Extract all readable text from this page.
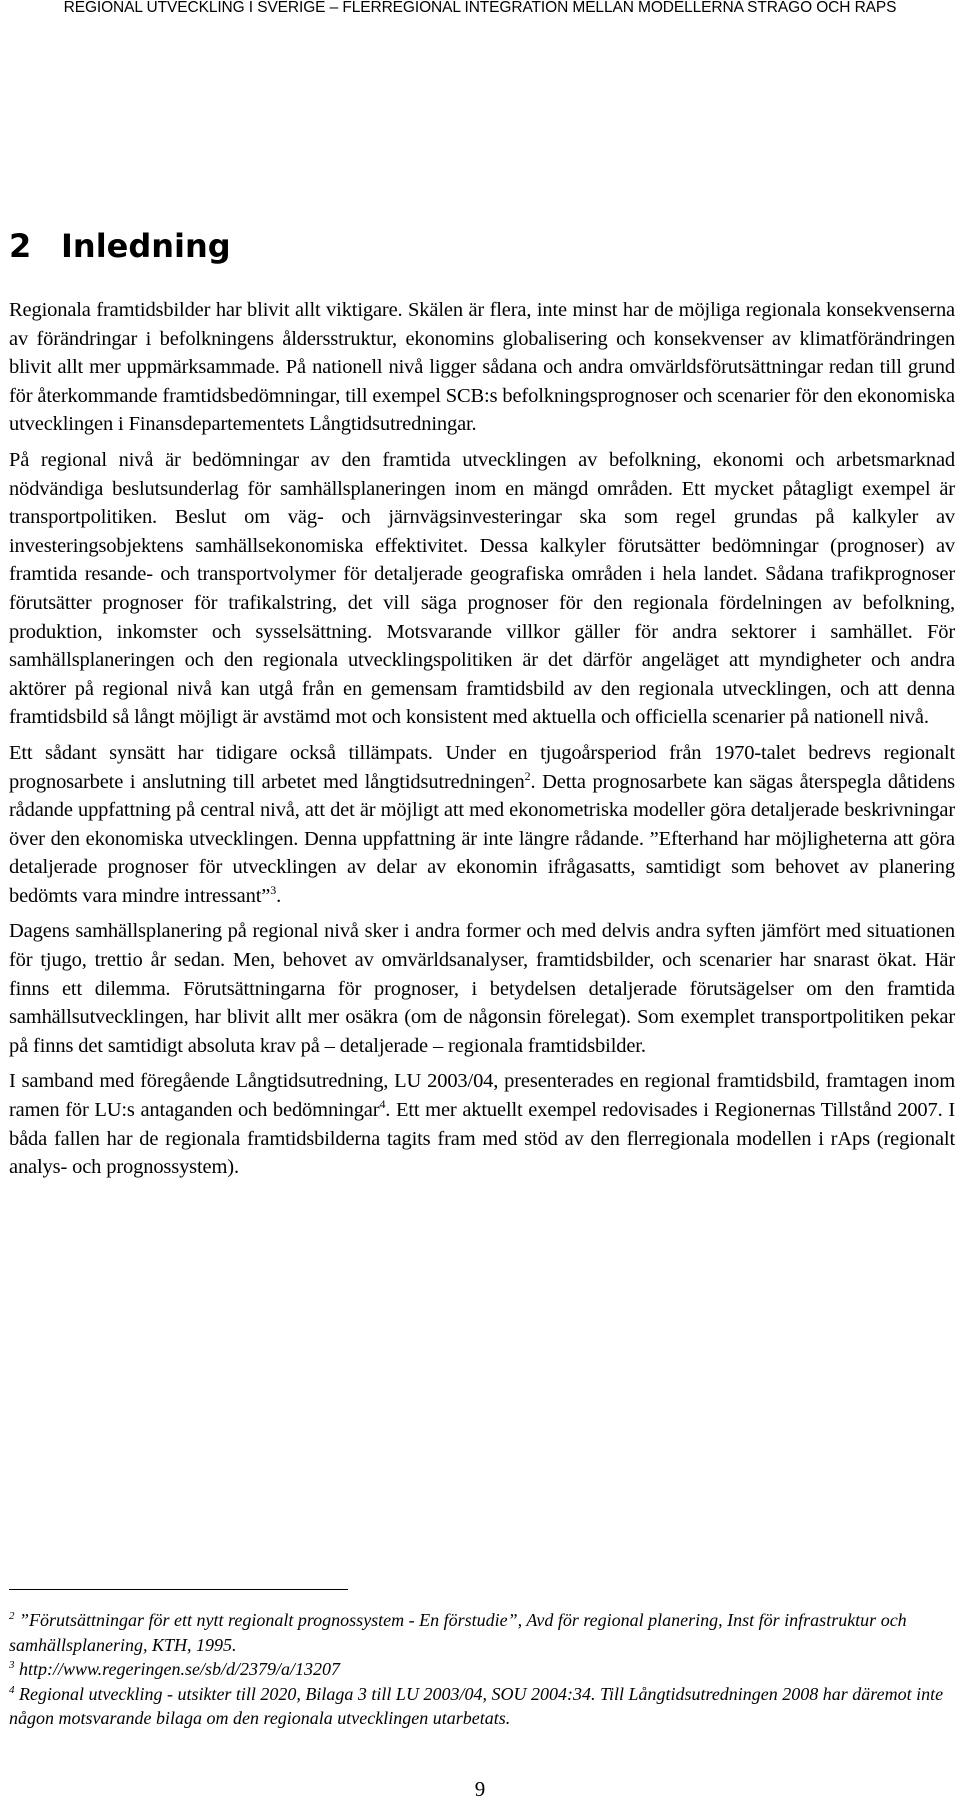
REGIONAL UTVECKLING I SVERIGE – FLERREGIONAL INTEGRATION MELLAN MODELLERNA STRAGO OCH RAPS
2 Inledning

Regionala framtidsbilder har blivit allt viktigare. Skälen är flera, inte minst har de möjliga regionala konsekvenserna av förändringar i befolkningens åldersstruktur, ekonomins globalisering och konsekvenser av klimatförändringen blivit allt mer uppmärksammade. På nationell nivå ligger sådana och andra omvärldsförutsättningar redan till grund för återkommande framtidsbedömningar, till exempel SCB:s befolkningsprognoser och scenarier för den ekonomiska utvecklingen i Finansdepartementets Långtidsutredningar.

På regional nivå är bedömningar av den framtida utvecklingen av befolkning, ekonomi och arbetsmarknad nödvändiga beslutsunderlag för samhällsplaneringen inom en mängd områden. Ett mycket påtagligt exempel är transportpolitiken. Beslut om väg- och järnvägsinvesteringar ska som regel grundas på kalkyler av investeringsobjektens samhällsekonomiska effektivitet. Dessa kalkyler förutsätter bedömningar (prognoser) av framtida resande- och transportvolymer för detaljerade geografiska områden i hela landet. Sådana trafikprognoser förutsätter prognoser för trafikalstring, det vill säga prognoser för den regionala fördelningen av befolkning, produktion, inkomster och sysselsättning. Motsvarande villkor gäller för andra sektorer i samhället. För samhällsplaneringen och den regionala utvecklingspolitiken är det därför angeläget att myndigheter och andra aktörer på regional nivå kan utgå från en gemensam framtidsbild av den regionala utvecklingen, och att denna framtidsbild så långt möjligt är avstämd mot och konsistent med aktuella och officiella scenarier på nationell nivå.

Ett sådant synsätt har tidigare också tillämpats. Under en tjugoårsperiod från 1970-talet bedrevs regionalt prognosarbete i anslutning till arbetet med långtidsutredningen$^2$. Detta prognosarbete kan sägas återspegla dåtidens rådande uppfattning på central nivå, att det är möjligt att med ekonometriska modeller göra detaljerade beskrivningar över den ekonomiska utvecklingen. Denna uppfattning är inte längre rådande. ”Efterhand har möjligheterna att göra detaljerade prognoser för utvecklingen av delar av ekonomin ifrågasatts, samtidigt som behovet av planering bedömts vara mindre intressant”$^3$.

Dagens samhällsplanering på regional nivå sker i andra former och med delvis andra syften jämfört med situationen för tjugo, trettio år sedan. Men, behovet av omvärldsanalyser, framtidsbilder, och scenarier har snarast ökat. Här finns ett dilemma. Förutsättningarna för prognoser, i betydelsen detaljerade förutsägelser om den framtida samhällsutvecklingen, har blivit allt mer osäkra (om de någonsin förelegat). Som exemplet transportpolitiken pekar på finns det samtidigt absoluta krav på – detaljerade – regionala framtidsbilder.

I samband med föregående Långtidsutredning, LU 2003/04, presenterades en regional framtidsbild, framtagen inom ramen för LU:s antaganden och bedömningar$^4$. Ett mer aktuellt exempel redovisades i Regionernas Tillstånd 2007. I båda fallen har de regionala framtidsbilderna tagits fram med stöd av den flerregionala modellen i rAps (regionalt analys- och prognossystem).

$^2$ ”Förutsättningar för ett nytt regionalt prognossystem - En förstudie”, Avd för regional planering, Inst för infrastruktur och samhällsplanering, KTH, 1995.

$^3$ http://www.regeringen.se/sb/d/2379/a/13207

$^4$ Regional utveckling - utsikter till 2020, Bilaga 3 till LU 2003/04, SOU 2004:34. Till Långtidsutredningen 2008 har däremot inte någon motsvarande bilaga om den regionala utvecklingen utarbetats.

9
